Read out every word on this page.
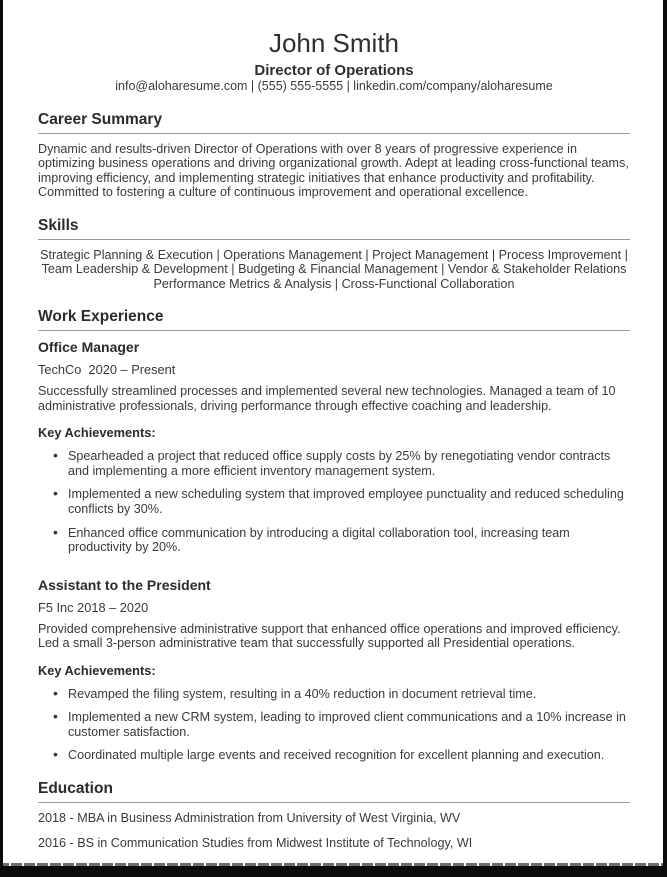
John Smith
Director of Operations
info@aloharesume.com | (555) 555-5555 | linkedin.com/company/aloharesume
Career Summary
Dynamic and results-driven Director of Operations with over 8 years of progressive experience in optimizing business operations and driving organizational growth. Adept at leading cross-functional teams, improving efficiency, and implementing strategic initiatives that enhance productivity and profitability. Committed to fostering a culture of continuous improvement and operational excellence.
Skills
Strategic Planning & Execution | Operations Management | Project Management | Process Improvement |
Team Leadership & Development | Budgeting & Financial Management | Vendor & Stakeholder Relations
Performance Metrics & Analysis | Cross-Functional Collaboration
Work Experience
Office Manager
TechCo  2020 – Present
Successfully streamlined processes and implemented several new technologies. Managed a team of 10 administrative professionals, driving performance through effective coaching and leadership.
Key Achievements:
• Spearheaded a project that reduced office supply costs by 25% by renegotiating vendor contracts and implementing a more efficient inventory management system.
• Implemented a new scheduling system that improved employee punctuality and reduced scheduling conflicts by 30%.
• Enhanced office communication by introducing a digital collaboration tool, increasing team productivity by 20%.
Assistant to the President
F5 Inc 2018 – 2020
Provided comprehensive administrative support that enhanced office operations and improved efficiency. Led a small 3-person administrative team that successfully supported all Presidential operations.
Key Achievements:
• Revamped the filing system, resulting in a 40% reduction in document retrieval time.
• Implemented a new CRM system, leading to improved client communications and a 10% increase in customer satisfaction.
• Coordinated multiple large events and received recognition for excellent planning and execution.
Education
2018 - MBA in Business Administration from University of West Virginia, WV
2016 - BS in Communication Studies from Midwest Institute of Technology, WI
